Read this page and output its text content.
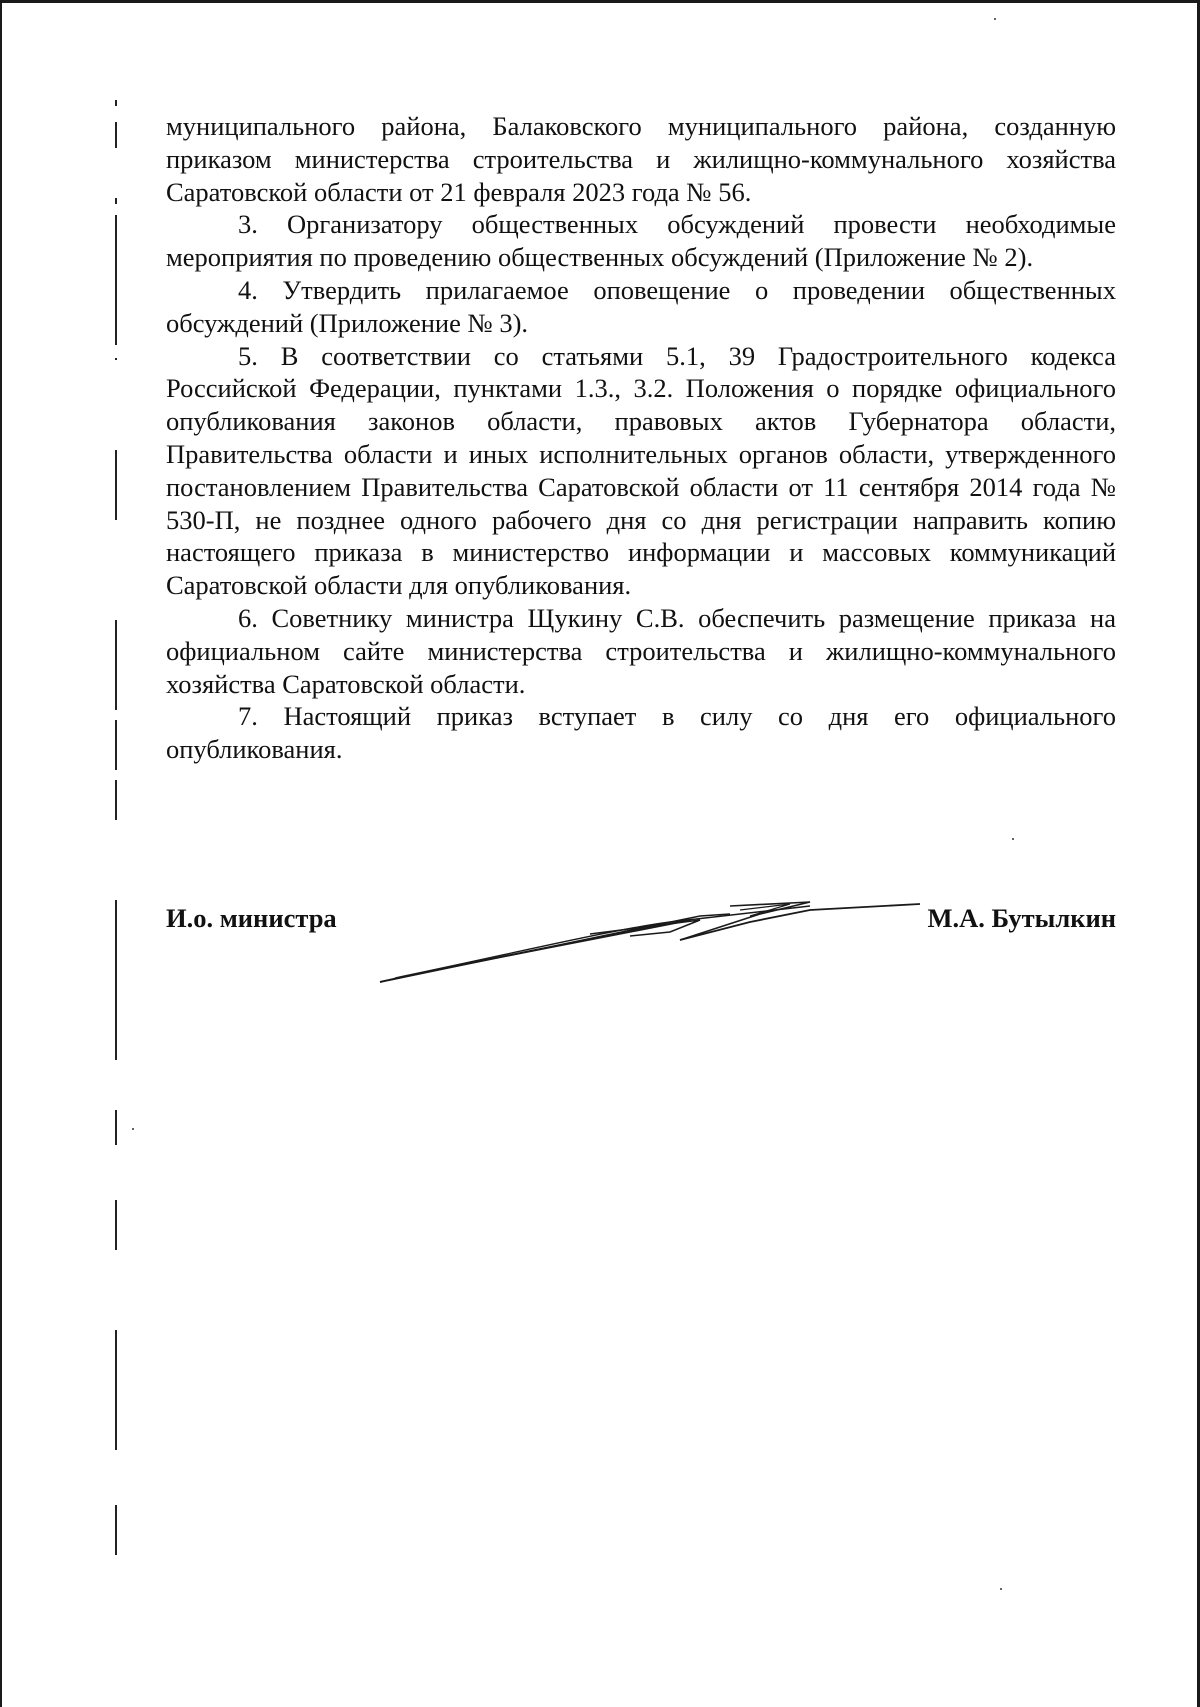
муниципального района, Балаковского муниципального района, созданную приказом министерства строительства и жилищно-коммунального хозяйства Саратовской области от 21 февраля 2023 года № 56.

3. Организатору общественных обсуждений провести необходимые мероприятия по проведению общественных обсуждений (Приложение № 2).

4. Утвердить прилагаемое оповещение о проведении общественных обсуждений (Приложение № 3).

5. В соответствии со статьями 5.1, 39 Градостроительного кодекса Российской Федерации, пунктами 1.3., 3.2. Положения о порядке официального опубликования законов области, правовых актов Губернатора области, Правительства области и иных исполнительных органов области, утвержденного постановлением Правительства Саратовской области от 11 сентября 2014 года № 530-П, не позднее одного рабочего дня со дня регистрации направить копию настоящего приказа в министерство информации и массовых коммуникаций Саратовской области для опубликования.

6. Советнику министра Щукину С.В. обеспечить размещение приказа на официальном сайте министерства строительства и жилищно-коммунального хозяйства Саратовской области.

7. Настоящий приказ вступает в силу со дня его официального опубликования.

И.о. министра	М.А. Бутылкин
